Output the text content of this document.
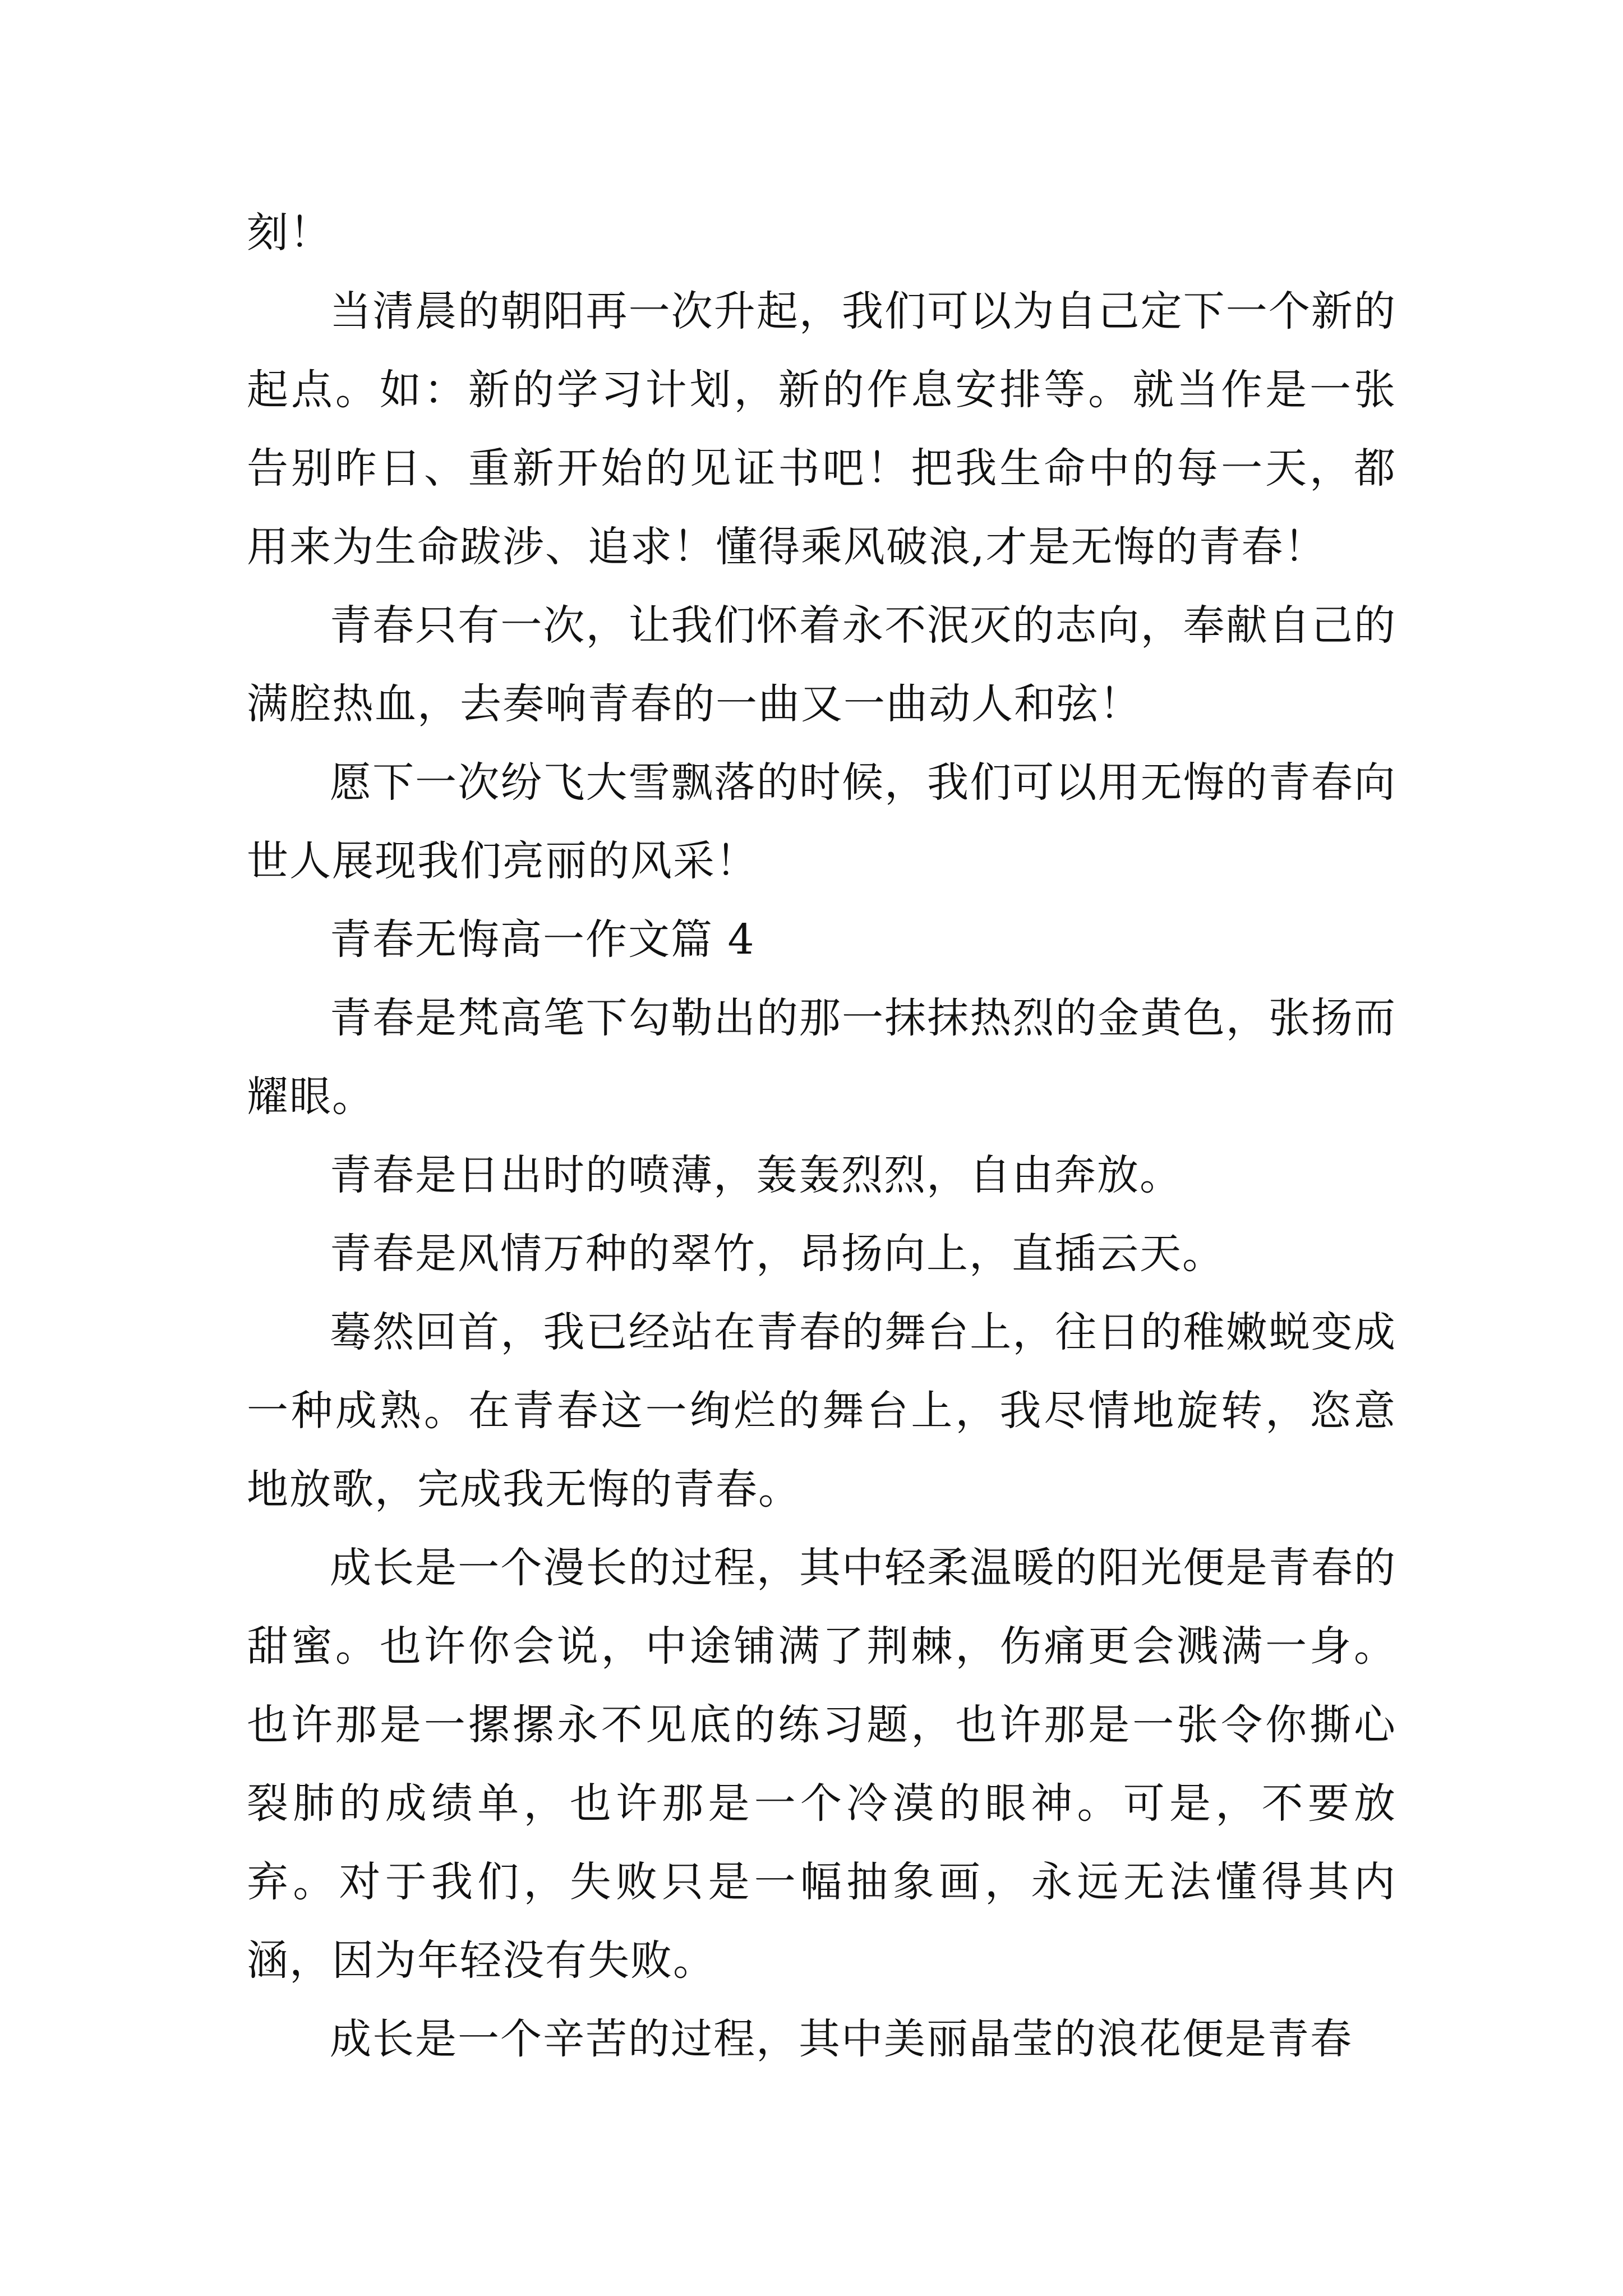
刻！

当清晨的朝阳再一次升起，我们可以为自己定下一个新的起点。如：新的学习计划，新的作息安排等。就当作是一张告别昨日、重新开始的见证书吧！把我生命中的每一天，都用来为生命跋涉、追求！懂得乘风破浪,才是无悔的青春！

青春只有一次，让我们怀着永不泯灭的志向，奉献自己的满腔热血，去奏响青春的一曲又一曲动人和弦！

愿下一次纷飞大雪飘落的时候，我们可以用无悔的青春向世人展现我们亮丽的风采！

青春无悔高一作文篇 4

青春是梵高笔下勾勒出的那一抹抹热烈的金黄色，张扬而耀眼。

青春是日出时的喷薄，轰轰烈烈，自由奔放。

青春是风情万种的翠竹，昂扬向上，直插云天。

蓦然回首，我已经站在青春的舞台上，往日的稚嫩蜕变成一种成熟。在青春这一绚烂的舞台上，我尽情地旋转，恣意地放歌，完成我无悔的青春。

成长是一个漫长的过程，其中轻柔温暖的阳光便是青春的甜蜜。也许你会说，中途铺满了荆棘，伤痛更会溅满一身。也许那是一摞摞永不见底的练习题，也许那是一张令你撕心裂肺的成绩单，也许那是一个冷漠的眼神。可是，不要放弃。对于我们，失败只是一幅抽象画，永远无法懂得其内涵，因为年轻没有失败。

成长是一个辛苦的过程，其中美丽晶莹的浪花便是青春
